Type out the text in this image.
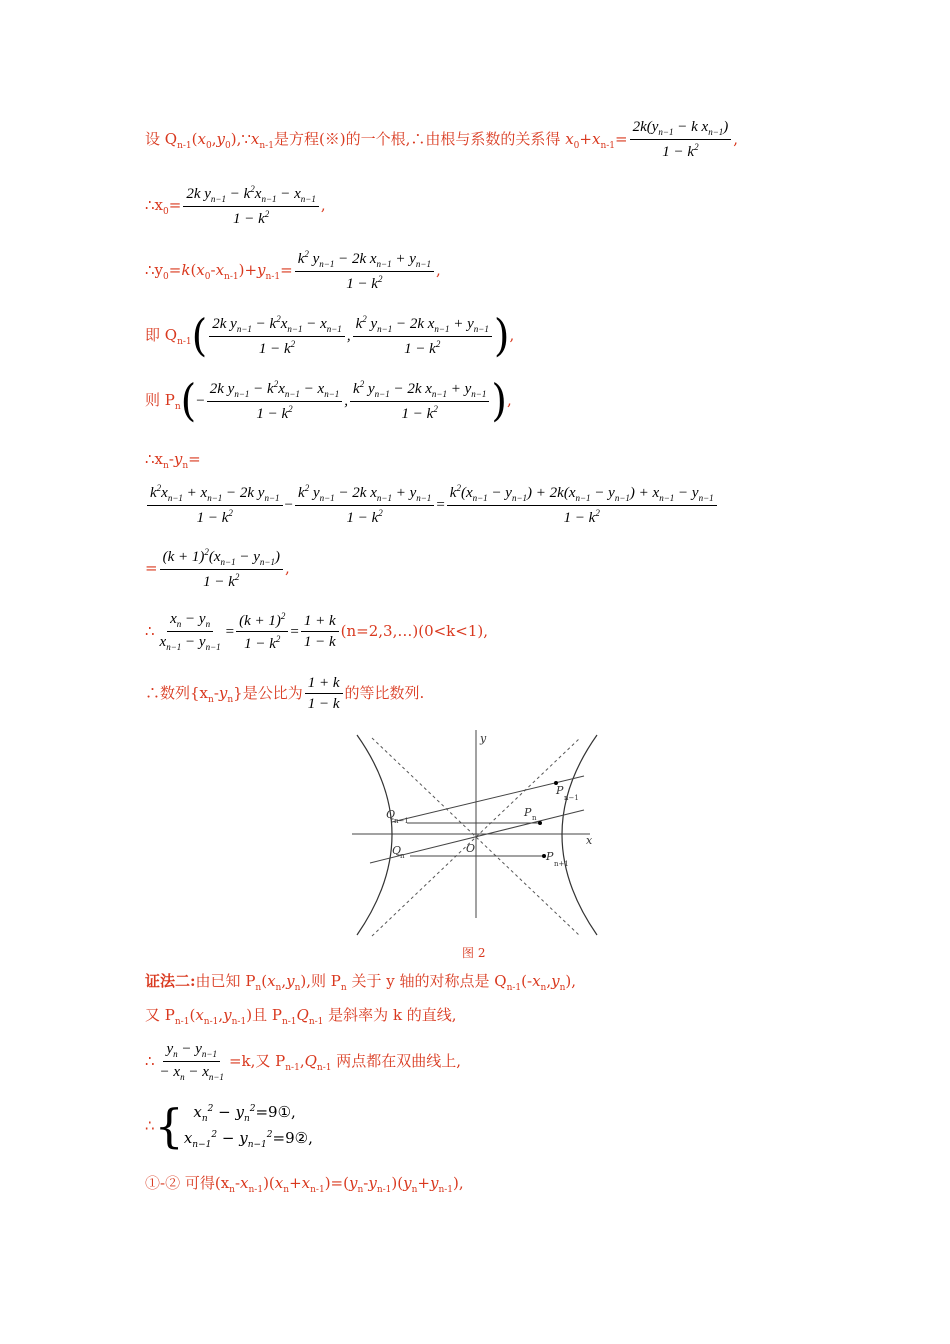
设 $Q_{n-1}(x_0,y_0),\because x_{n-1}$是方程(※)的一个根,∴由根与系数的关系得 $x_0+x_{n-1}= \frac{2k(y_{n-1} - k x_{n-1})}{1 - k^2}$ ,
$\therefore x_0= \frac{2k y_{n-1} - k^2x_{n-1} - x_{n-1}}{1 - k^2}$ ,
$\therefore y_0=k(x_0-x_{n-1})+y_{n-1}= \frac{k^2 y_{n-1} - 2k x_{n-1} + y_{n-1}}{1 - k^2}$ ,
即 $Q_{n-1}( \frac{2k y_{n-1} - k^2x_{n-1} - x_{n-1}}{1 - k^2}$ , $\frac{k^2 y_{n-1} - 2k x_{n-1} + y_{n-1}}{1 - k^2}$ ),
则 $P_n(- \frac{2k y_{n-1} - k^2x_{n-1} - x_{n-1}}{1 - k^2}$ , $\frac{k^2 y_{n-1} - 2k x_{n-1} + y_{n-1}}{1 - k^2}$ ),
$\therefore x_n-y_n=$
$\frac{k^2x_{n-1} + x_{n-1} - 2k y_{n-1}}{1 - k^2} - \frac{k^2 y_{n-1} - 2k x_{n-1} + y_{n-1}}{1 - k^2} = \frac{k^2(x_{n-1} - y_{n-1}) + 2k(x_{n-1} - y_{n-1}) + x_{n-1} - y_{n-1}}{1 - k^2}$
= $\frac{(k + 1)^2(x_{n-1} - y_{n-1})}{1 - k^2}$ ,
∴ $\frac{x_n - y_n}{x_{n-1} - y_{n-1}} = \frac{(k + 1)^2}{1 - k^2} = \frac{1 + k}{1 - k}$ (n=2,3,…)(0<k<1),
∴数列$\{x_n-y_n\}$是公比为 $\frac{1 + k}{1 - k}$ 的等比数列.
y
x
O
P
n−1
P n
P
n+1
Q
n−1
Q
n
图 2
证法二:由已知 $P_n(x_n,y_n)$,则 $P_n$ 关于 y 轴的对称点是 $Q_{n-1}(-x_n,y_n)$,
又 $P_{n-1}(x_{n-1},y_{n-1})$且 $P_{n-1}Q_{n-1}$ 是斜率为 k 的直线,
∴ $\frac{y_n - y_{n-1}}{- x_n - x_{n-1}} =k$,又 $P_{n-1},Q_{n-1}$ 两点都在双曲线上,
∴{ $x_n^2$ − $y_n^2=9①$,
$x_{n-1}^2$ − $y_{n-1}^2=9②$,
①-② 可得$(x_n-x_{n-1})(x_n+x_{n-1})=(y_n-y_{n-1})(y_n+y_{n-1})$,
